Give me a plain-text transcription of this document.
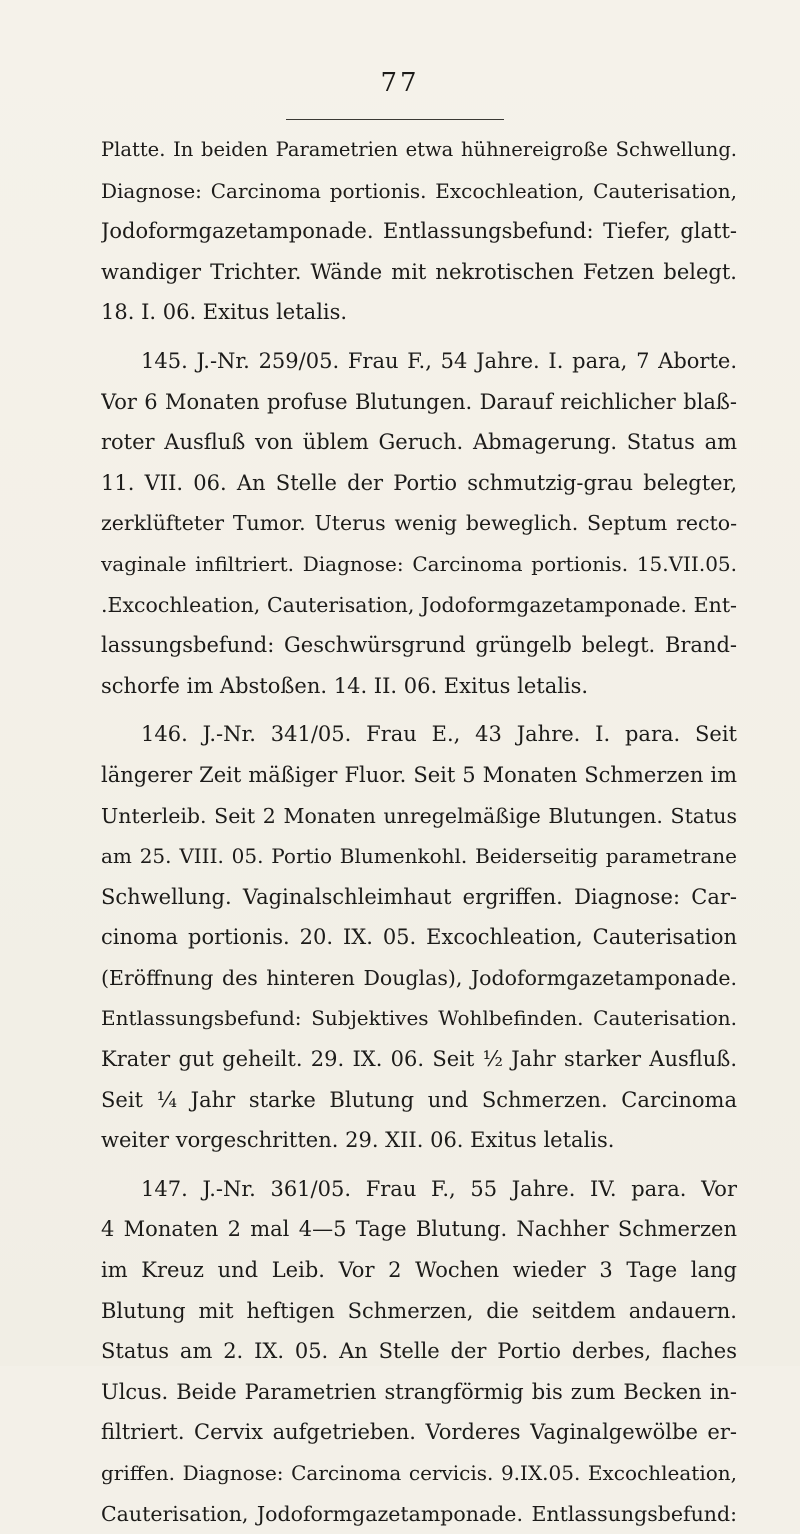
77
Platte. In beiden Parametrien etwa hühnereigroße Schwellung.
Diagnose: Carcinoma portionis. Excochleation, Cauterisation,
Jodoformgazetamponade. Entlassungsbefund: Tiefer, glatt-
wandiger Trichter. Wände mit nekrotischen Fetzen belegt.
18. I. 06. Exitus letalis.
145. J.-Nr. 259/05. Frau F., 54 Jahre. I. para, 7 Aborte.
Vor 6 Monaten profuse Blutungen. Darauf reichlicher blaß-
roter Ausfluß von üblem Geruch. Abmagerung. Status am
11. VII. 06. An Stelle der Portio schmutzig-grau belegter,
zerklüfteter Tumor. Uterus wenig beweglich. Septum recto-
vaginale infiltriert. Diagnose: Carcinoma portionis. 15.VII.05.
.Excochleation, Cauterisation, Jodoformgazetamponade. Ent-
lassungsbefund: Geschwürsgrund grüngelb belegt. Brand-
schorfe im Abstoßen. 14. II. 06. Exitus letalis.
146. J.-Nr. 341/05. Frau E., 43 Jahre. I. para. Seit
längerer Zeit mäßiger Fluor. Seit 5 Monaten Schmerzen im
Unterleib. Seit 2 Monaten unregelmäßige Blutungen. Status
am 25. VIII. 05. Portio Blumenkohl. Beiderseitig parametrane
Schwellung. Vaginalschleimhaut ergriffen. Diagnose: Car-
cinoma portionis. 20. IX. 05. Excochleation, Cauterisation
(Eröffnung des hinteren Douglas), Jodoformgazetamponade.
Entlassungsbefund: Subjektives Wohlbefinden. Cauterisation.
Krater gut geheilt. 29. IX. 06. Seit ½ Jahr starker Ausfluß.
Seit ¼ Jahr starke Blutung und Schmerzen. Carcinoma
weiter vorgeschritten. 29. XII. 06. Exitus letalis.
147. J.-Nr. 361/05. Frau F., 55 Jahre. IV. para. Vor
4 Monaten 2 mal 4—5 Tage Blutung. Nachher Schmerzen
im Kreuz und Leib. Vor 2 Wochen wieder 3 Tage lang
Blutung mit heftigen Schmerzen, die seitdem andauern.
Status am 2. IX. 05. An Stelle der Portio derbes, flaches
Ulcus. Beide Parametrien strangförmig bis zum Becken in-
filtriert. Cervix aufgetrieben. Vorderes Vaginalgewölbe er-
griffen. Diagnose: Carcinoma cervicis. 9.IX.05. Excochleation,
Cauterisation, Jodoformgazetamponade. Entlassungsbefund:
